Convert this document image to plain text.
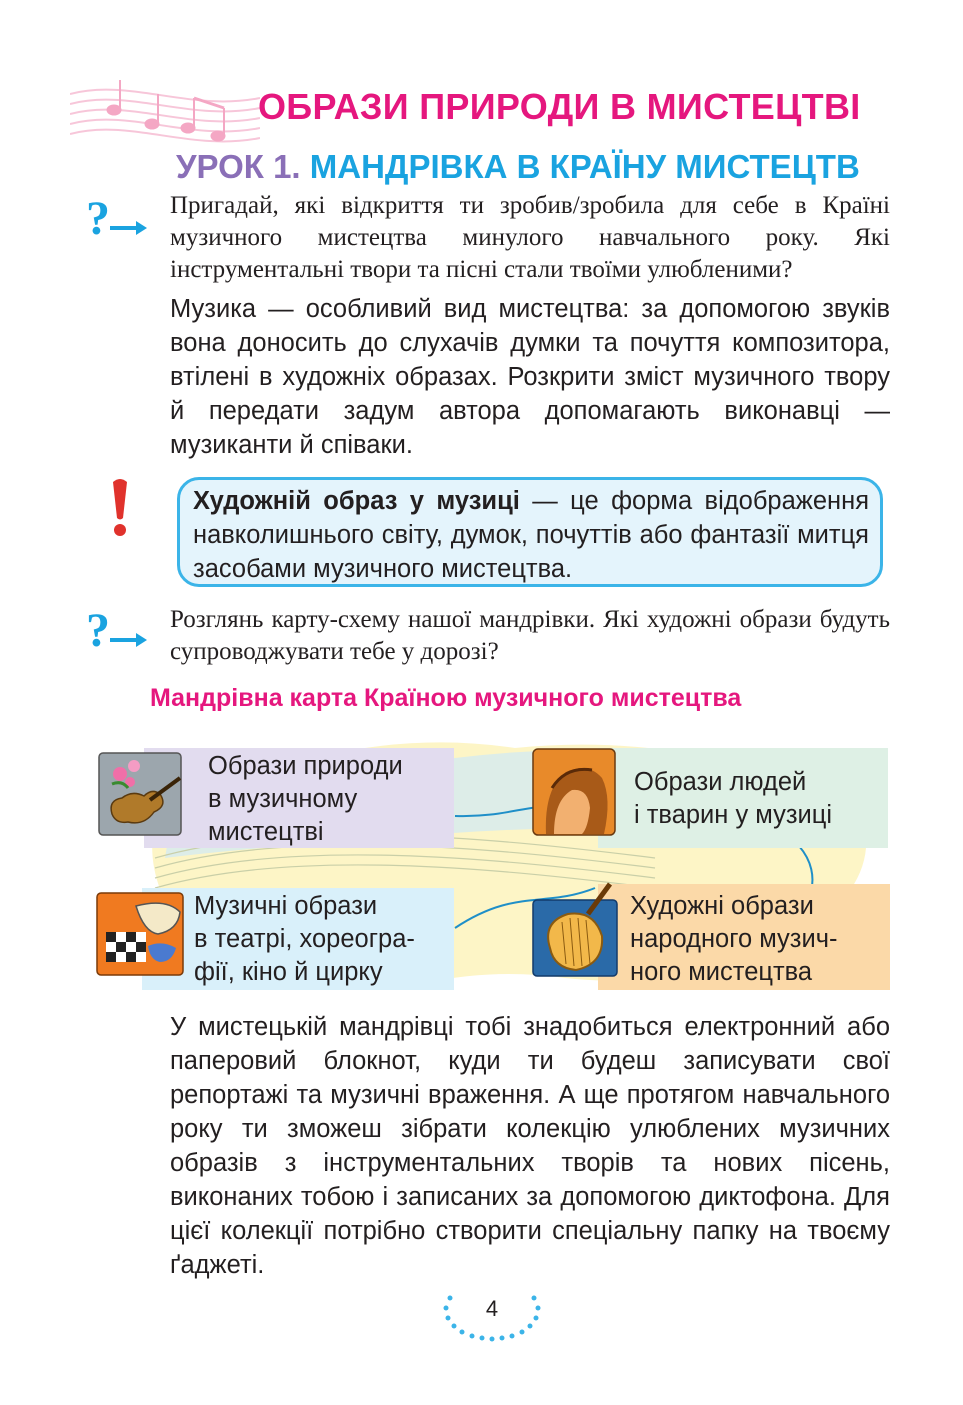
ОБРАЗИ ПРИРОДИ В МИСТЕЦТВІ
УРОК 1. МАНДРІВКА В КРАЇНУ МИСТЕЦТВ
? Пригадай, які відкриття ти зробив/зробила для себе в Країні музичного мистецтва минулого навчального року. Які інструментальні твори та пісні стали твоїми улюбленими?
Музика — особливий вид мистецтва: за допомогою звуків вона доносить до слухачів думки та почуття композитора, втілені в художніх образах. Розкрити зміст музичного твору й передати задум автора допомагають виконавці — музиканти й співаки.
Художній образ у музиці — це форма відображення навколишнього світу, думок, почуттів або фантазії митця засобами музичного мистецтва.
? Розглянь карту-схему нашої мандрівки. Які художні образи будуть супроводжувати тебе у дорозі?
Мандрівна карта Країною музичного мистецтва
Образи природи
в музичному
мистецтві
Образи людей
і тварин у музиці
Музичні образи
в театрі, хореогра-
фії, кіно й цирку
Художні образи
народного музич-
ного мистецтва
У мистецькій мандрівці тобі знадобиться електронний або паперовий блокнот, куди ти будеш записувати свої репортажі та музичні враження. А ще протягом навчального року ти зможеш зібрати колекцію улюблених музичних образів з інструментальних творів та нових пісень, виконаних тобою і записаних за допомогою диктофона. Для цієї колекції потрібно створити спеціальну папку на твоєму ґаджеті.
4
